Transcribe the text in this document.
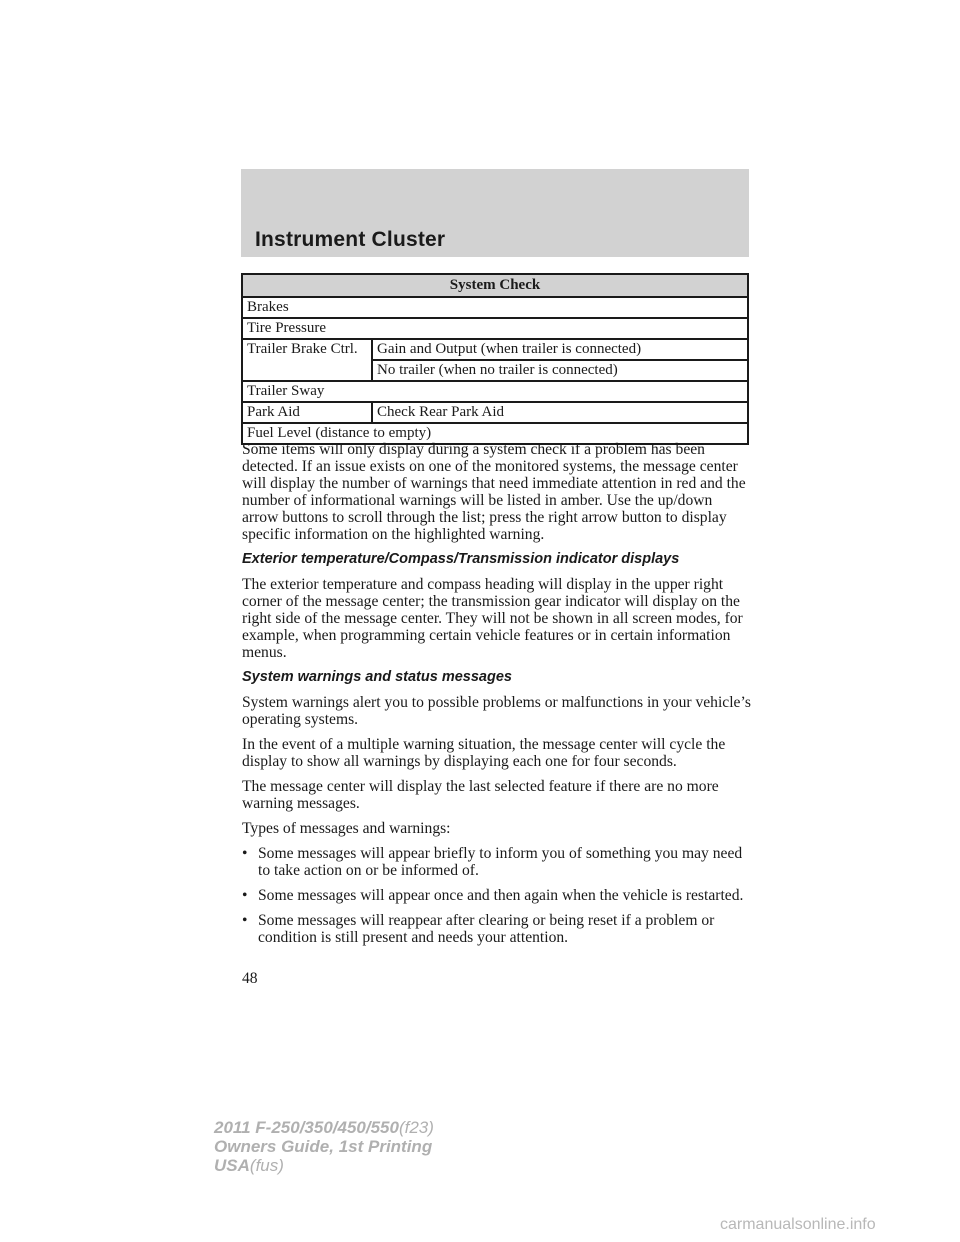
Instrument Cluster
System Check	
Brakes	
Tire Pressure	
Trailer Brake Ctrl.	Gain and Output (when trailer is connected)
	No trailer (when no trailer is connected)
Trailer Sway	
Park Aid	Check Rear Park Aid
Fuel Level (distance to empty)	

Some items will only display during a system check if a problem has been detected. If an issue exists on one of the monitored systems, the message center will display the number of warnings that need immediate attention in red and the number of informational warnings will be listed in amber. Use the up/down arrow buttons to scroll through the list; press the right arrow button to display specific information on the highlighted warning.

Exterior temperature/Compass/Transmission indicator displays

The exterior temperature and compass heading will display in the upper right corner of the message center; the transmission gear indicator will display on the right side of the message center. They will not be shown in all screen modes, for example, when programming certain vehicle features or in certain information menus.

System warnings and status messages

System warnings alert you to possible problems or malfunctions in your vehicle’s operating systems.

In the event of a multiple warning situation, the message center will cycle the display to show all warnings by displaying each one for four seconds.

The message center will display the last selected feature if there are no more warning messages.

Types of messages and warnings:

• Some messages will appear briefly to inform you of something you may need to take action on or be informed of.
• Some messages will appear once and then again when the vehicle is restarted.
• Some messages will reappear after clearing or being reset if a problem or condition is still present and needs your attention.
48
2011 F-250/350/450/550(f23)
Owners Guide, 1st Printing
USA(fus)
carmanualsonline.info
